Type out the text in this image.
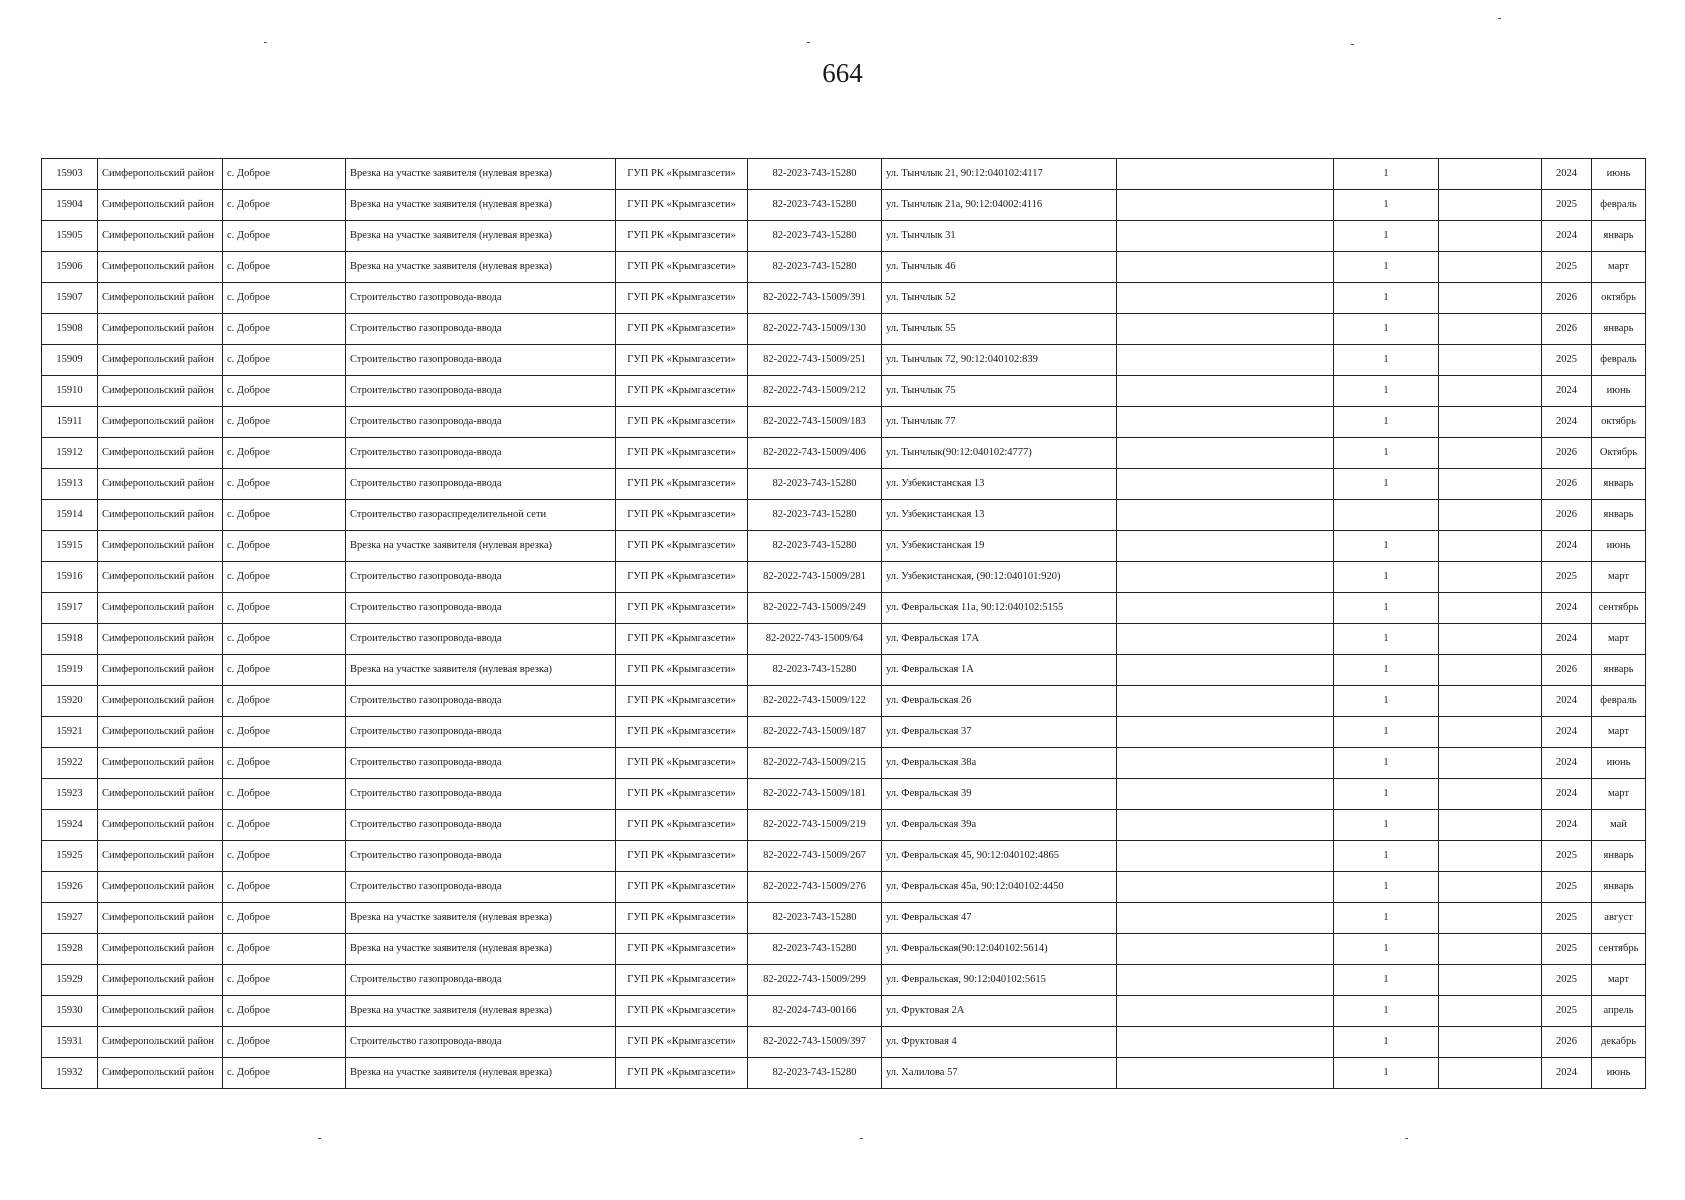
664
15903	Симферопольский район	с. Доброе	Врезка на участке заявителя (нулевая врезка)	ГУП РК «Крымгазсети»	82-2023-743-15280	ул. Тынчлык 21, 90:12:040102:4117		1		2024	июнь
15904	Симферопольский район	с. Доброе	Врезка на участке заявителя (нулевая врезка)	ГУП РК «Крымгазсети»	82-2023-743-15280	ул. Тынчлык 21а, 90:12:04002:4116		1		2025	февраль
15905	Симферопольский район	с. Доброе	Врезка на участке заявителя (нулевая врезка)	ГУП РК «Крымгазсети»	82-2023-743-15280	ул. Тынчлык 31		1		2024	январь
15906	Симферопольский район	с. Доброе	Врезка на участке заявителя (нулевая врезка)	ГУП РК «Крымгазсети»	82-2023-743-15280	ул. Тынчлык 46		1		2025	март
15907	Симферопольский район	с. Доброе	Строительство газопровода-ввода	ГУП РК «Крымгазсети»	82-2022-743-15009/391	ул. Тынчлык 52		1		2026	октябрь
15908	Симферопольский район	с. Доброе	Строительство газопровода-ввода	ГУП РК «Крымгазсети»	82-2022-743-15009/130	ул. Тынчлык 55		1		2026	январь
15909	Симферопольский район	с. Доброе	Строительство газопровода-ввода	ГУП РК «Крымгазсети»	82-2022-743-15009/251	ул. Тынчлык 72, 90:12:040102:839		1		2025	февраль
15910	Симферопольский район	с. Доброе	Строительство газопровода-ввода	ГУП РК «Крымгазсети»	82-2022-743-15009/212	ул. Тынчлык 75		1		2024	июнь
15911	Симферопольский район	с. Доброе	Строительство газопровода-ввода	ГУП РК «Крымгазсети»	82-2022-743-15009/183	ул. Тынчлык 77		1		2024	октябрь
15912	Симферопольский район	с. Доброе	Строительство газопровода-ввода	ГУП РК «Крымгазсети»	82-2022-743-15009/406	ул. Тынчлык(90:12:040102:4777)		1		2026	Октябрь
15913	Симферопольский район	с. Доброе	Строительство газопровода-ввода	ГУП РК «Крымгазсети»	82-2023-743-15280	ул. Узбекистанская 13		1		2026	январь
15914	Симферопольский район	с. Доброе	Строительство газораспределительной сети	ГУП РК «Крымгазсети»	82-2023-743-15280	ул. Узбекистанская 13				2026	январь
15915	Симферопольский район	с. Доброе	Врезка на участке заявителя (нулевая врезка)	ГУП РК «Крымгазсети»	82-2023-743-15280	ул. Узбекистанская 19		1		2024	июнь
15916	Симферопольский район	с. Доброе	Строительство газопровода-ввода	ГУП РК «Крымгазсети»	82-2022-743-15009/281	ул. Узбекистанская, (90:12:040101:920)		1		2025	март
15917	Симферопольский район	с. Доброе	Строительство газопровода-ввода	ГУП РК «Крымгазсети»	82-2022-743-15009/249	ул. Февральская 11а, 90:12:040102:5155		1		2024	сентябрь
15918	Симферопольский район	с. Доброе	Строительство газопровода-ввода	ГУП РК «Крымгазсети»	82-2022-743-15009/64	ул. Февральская 17А		1		2024	март
15919	Симферопольский район	с. Доброе	Врезка на участке заявителя (нулевая врезка)	ГУП РК «Крымгазсети»	82-2023-743-15280	ул. Февральская 1А		1		2026	январь
15920	Симферопольский район	с. Доброе	Строительство газопровода-ввода	ГУП РК «Крымгазсети»	82-2022-743-15009/122	ул. Февральская 26		1		2024	февраль
15921	Симферопольский район	с. Доброе	Строительство газопровода-ввода	ГУП РК «Крымгазсети»	82-2022-743-15009/187	ул. Февральская 37		1		2024	март
15922	Симферопольский район	с. Доброе	Строительство газопровода-ввода	ГУП РК «Крымгазсети»	82-2022-743-15009/215	ул. Февральская 38а		1		2024	июнь
15923	Симферопольский район	с. Доброе	Строительство газопровода-ввода	ГУП РК «Крымгазсети»	82-2022-743-15009/181	ул. Февральская 39		1		2024	март
15924	Симферопольский район	с. Доброе	Строительство газопровода-ввода	ГУП РК «Крымгазсети»	82-2022-743-15009/219	ул. Февральская 39а		1		2024	май
15925	Симферопольский район	с. Доброе	Строительство газопровода-ввода	ГУП РК «Крымгазсети»	82-2022-743-15009/267	ул. Февральская 45, 90:12:040102:4865		1		2025	январь
15926	Симферопольский район	с. Доброе	Строительство газопровода-ввода	ГУП РК «Крымгазсети»	82-2022-743-15009/276	ул. Февральская 45а, 90:12:040102:4450		1		2025	январь
15927	Симферопольский район	с. Доброе	Врезка на участке заявителя (нулевая врезка)	ГУП РК «Крымгазсети»	82-2023-743-15280	ул. Февральская 47		1		2025	август
15928	Симферопольский район	с. Доброе	Врезка на участке заявителя (нулевая врезка)	ГУП РК «Крымгазсети»	82-2023-743-15280	ул. Февральская(90:12:040102:5614)		1		2025	сентябрь
15929	Симферопольский район	с. Доброе	Строительство газопровода-ввода	ГУП РК «Крымгазсети»	82-2022-743-15009/299	ул. Февральская, 90:12:040102:5615		1		2025	март
15930	Симферопольский район	с. Доброе	Врезка на участке заявителя (нулевая врезка)	ГУП РК «Крымгазсети»	82-2024-743-00166	ул. Фруктовая 2А		1		2025	апрель
15931	Симферопольский район	с. Доброе	Строительство газопровода-ввода	ГУП РК «Крымгазсети»	82-2022-743-15009/397	ул. Фруктовая 4		1		2026	декабрь
15932	Симферопольский район	с. Доброе	Врезка на участке заявителя (нулевая врезка)	ГУП РК «Крымгазсети»	82-2023-743-15280	ул. Халилова 57		1		2024	июнь
